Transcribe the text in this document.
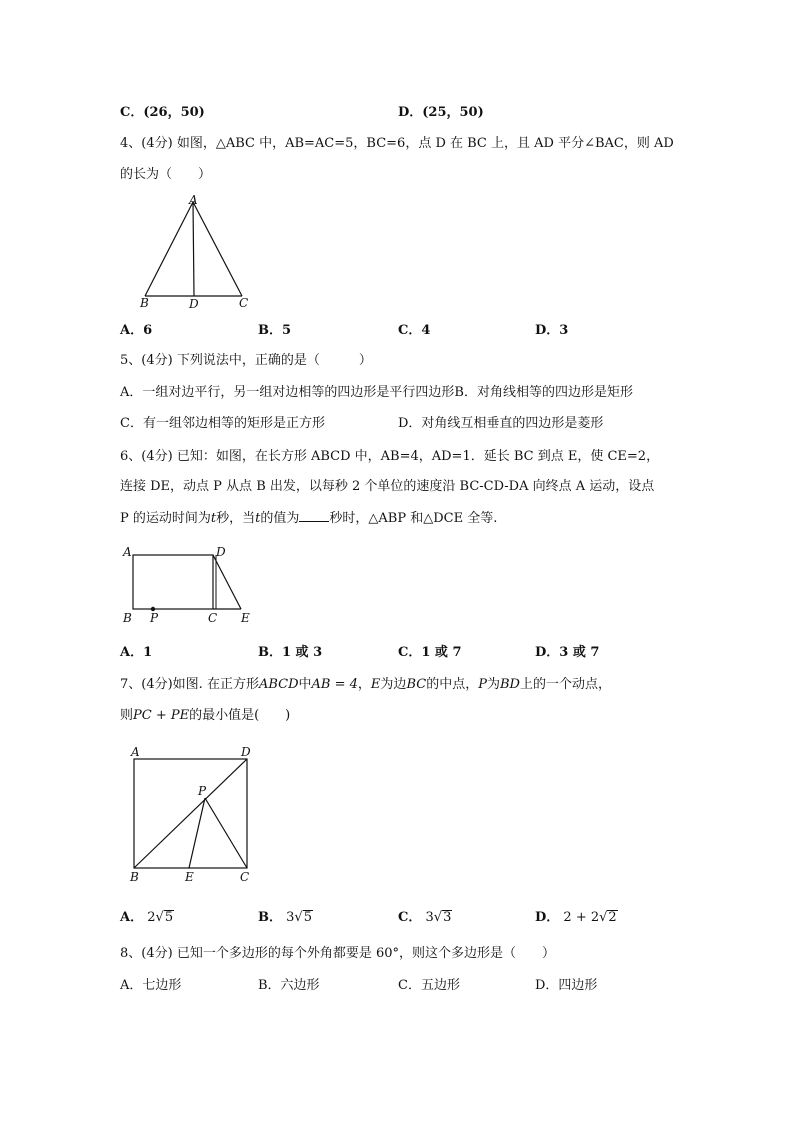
C．(26，50)	D．(25，50)
4、(4分) 如图，△ABC 中，AB=AC=5，BC=6，点 D 在 BC 上，且 AD 平分∠BAC，则 AD
的长为（　　）
A
B	D	C
A．6	B．5	C．4	D．3
5、(4分) 下列说法中，正确的是（　　　）
A．一组对边平行，另一组对边相等的四边形是平行四边形B．对角线相等的四边形是矩形
C．有一组邻边相等的矩形是正方形	D．对角线互相垂直的四边形是菱形
6、(4分) 已知：如图，在长方形 ABCD 中，AB=4，AD=1．延长 BC 到点 E，使 CE=2，
连接 DE，动点 P 从点 B 出发，以每秒 2 个单位的速度沿 BC-CD-DA 向终点 A 运动，设点
P 的运动时间为t秒，当t的值为 秒时，△ABP 和△DCE 全等.
A	D
B P	C E
A．1	B．1 或 3	C．1 或 7	D．3 或 7
7、(4分)如图. 在正方形ABCD中AB = 4，E为边BC的中点，P为BD上的一个动点，
则PC + PE的最小值是(　　)
A	D
P
B	E	C
A． 2√5	B． 3√5	C． 3√3	D． 2 + 2√2
8、(4分) 已知一个多边形的每个外角都要是 60°，则这个多边形是（　　）
A．七边形	B．六边形	C．五边形	D．四边形
